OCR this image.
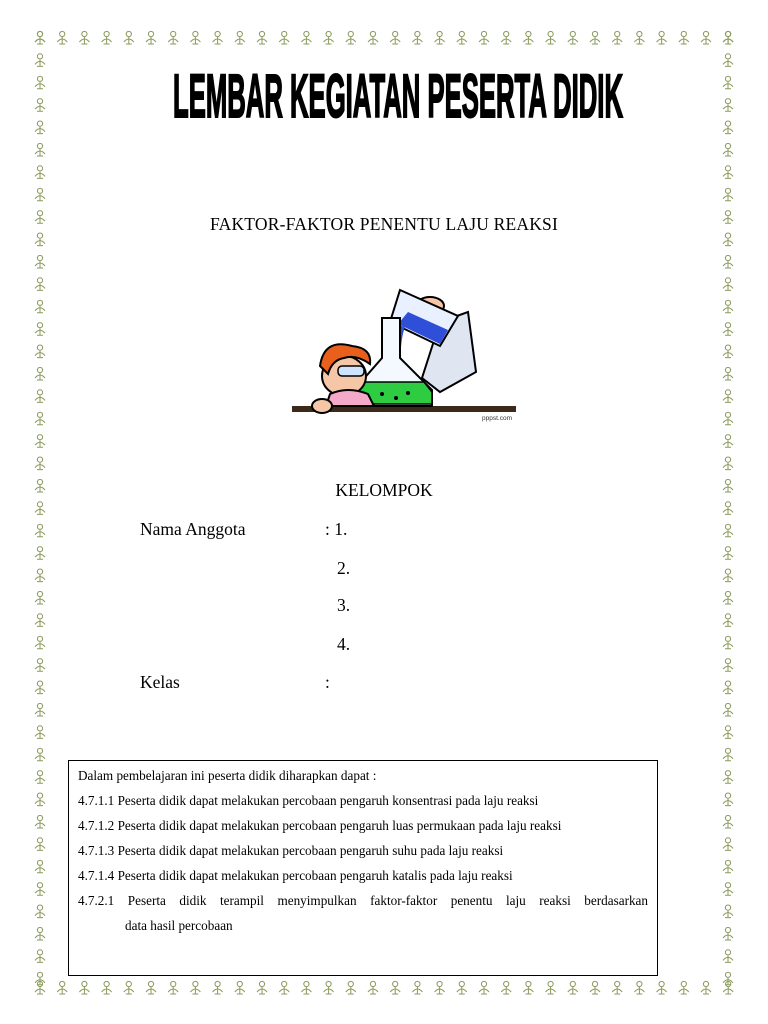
LEMBAR KEGIATAN PESERTA DIDIK
FAKTOR-FAKTOR PENENTU LAJU REAKSI
pppst.com
KELOMPOK
Nama Anggota	: 1.
2.
3.
4.
Kelas	:
Dalam pembelajaran ini peserta didik diharapkan dapat :
4.7.1.1 Peserta didik dapat melakukan percobaan pengaruh konsentrasi pada laju reaksi
4.7.1.2 Peserta didik dapat melakukan percobaan pengaruh luas permukaan pada laju reaksi
4.7.1.3 Peserta didik dapat melakukan percobaan pengaruh suhu pada laju reaksi
4.7.1.4 Peserta didik dapat melakukan percobaan pengaruh katalis pada laju reaksi
4.7.2.1 Peserta didik terampil menyimpulkan faktor-faktor penentu laju reaksi berdasarkan
data hasil percobaan
